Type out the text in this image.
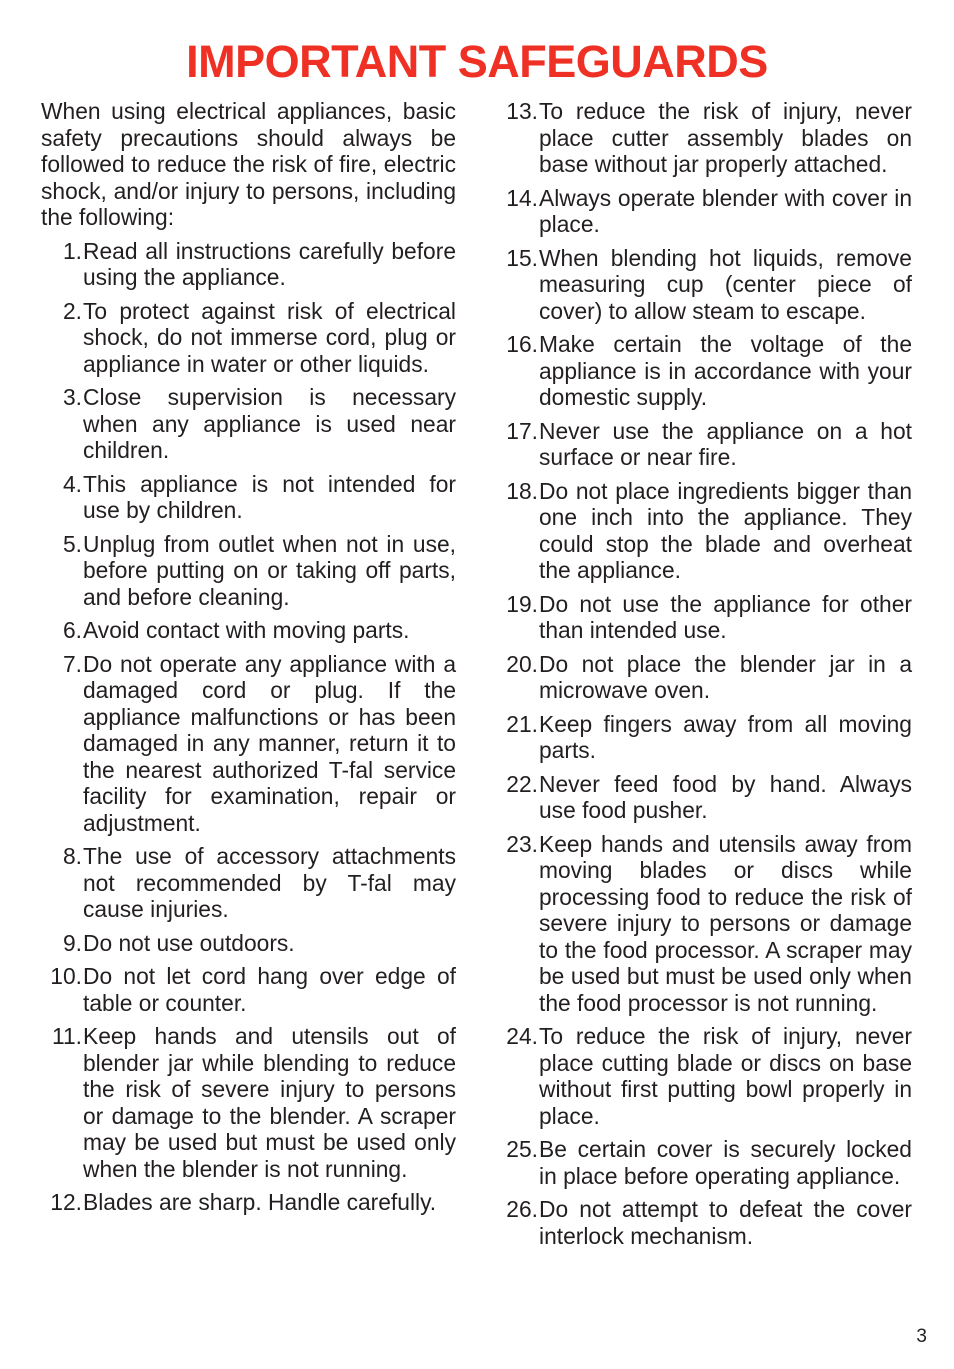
IMPORTANT SAFEGUARDS

When using electrical appliances, basic safety precautions should always be followed to reduce the risk of fire, electric shock, and/or injury to persons, including the following:

1. Read all instructions carefully before using the appliance.
2. To protect against risk of electrical shock, do not immerse cord, plug or appliance in water or other liquids.
3. Close supervision is necessary when any appliance is used near children.
4. This appliance is not intended for use by children.
5. Unplug from outlet when not in use, before putting on or taking off parts, and before cleaning.
6. Avoid contact with moving parts.
7. Do not operate any appliance with a damaged cord or plug. If the appliance malfunctions or has been damaged in any manner, return it to the nearest authorized T-fal service facility for examination, repair or adjustment.
8. The use of accessory attachments not recommended by T-fal may cause injuries.
9. Do not use outdoors.
10. Do not let cord hang over edge of table or counter.
11. Keep hands and utensils out of blender jar while blending to reduce the risk of severe injury to persons or damage to the blender. A scraper may be used but must be used only when the blender is not running.
12. Blades are sharp. Handle carefully.
13. To reduce the risk of injury, never place cutter assembly blades on base without jar properly attached.
14. Always operate blender with cover in place.
15. When blending hot liquids, remove measuring cup (center piece of cover) to allow steam to escape.
16. Make certain the voltage of the appliance is in accordance with your domestic supply.
17. Never use the appliance on a hot surface or near fire.
18. Do not place ingredients bigger than one inch into the appliance. They could stop the blade and overheat the appliance.
19. Do not use the appliance for other than intended use.
20. Do not place the blender jar in a microwave oven.
21. Keep fingers away from all moving parts.
22. Never feed food by hand. Always use food pusher.
23. Keep hands and utensils away from moving blades or discs while processing food to reduce the risk of severe injury to persons or damage to the food processor. A scraper may be used but must be used only when the food processor is not running.
24. To reduce the risk of injury, never place cutting blade or discs on base without first putting bowl properly in place.
25. Be certain cover is securely locked in place before operating appliance.
26. Do not attempt to defeat the cover interlock mechanism.
3
